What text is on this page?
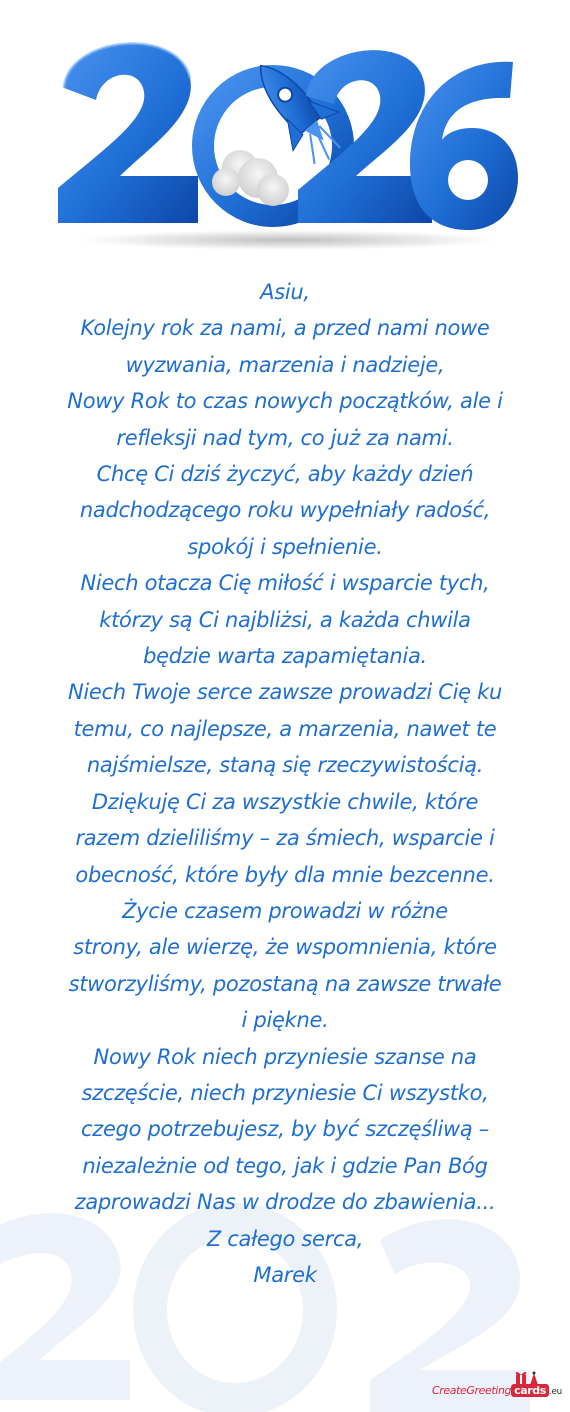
Asiu,
Kolejny rok za nami, a przed nami nowe
wyzwania, marzenia i nadzieje,
Nowy Rok to czas nowych początków, ale i
refleksji nad tym, co już za nami.
Chcę Ci dziś życzyć, aby każdy dzień
nadchodzącego roku wypełniały radość,
spokój i spełnienie.
Niech otacza Cię miłość i wsparcie tych,
którzy są Ci najbliżsi, a każda chwila
będzie warta zapamiętania.
Niech Twoje serce zawsze prowadzi Cię ku
temu, co najlepsze, a marzenia, nawet te
najśmielsze, staną się rzeczywistością.
Dziękuję Ci za wszystkie chwile, które
razem dzieliliśmy – za śmiech, wsparcie i
obecność, które były dla mnie bezcenne.
Życie czasem prowadzi w różne
strony, ale wierzę, że wspomnienia, które
stworzyliśmy, pozostaną na zawsze trwałe
i piękne.
Nowy Rok niech przyniesie szanse na
szczęście, niech przyniesie Ci wszystko,
czego potrzebujesz, by być szczęśliwą –
niezależnie od tego, jak i gdzie Pan Bóg
zaprowadzi Nas w drodze do zbawienia...
Z całego serca,
Marek
CreateGreeting cards .eu
